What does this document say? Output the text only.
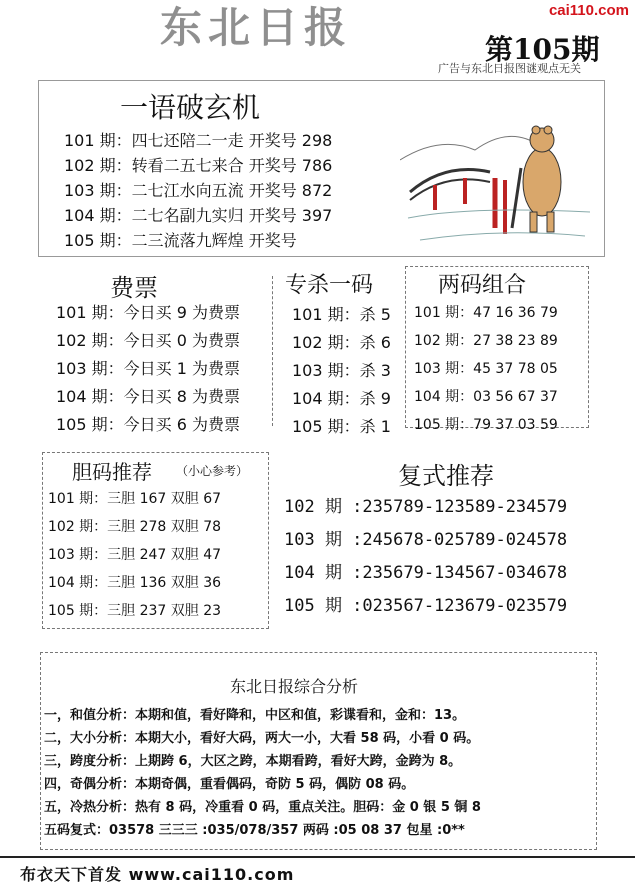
cai110.com
东北日报	第105期
广告与东北日报图谜观点无关
一语破玄机
101 期：四七还陪二一走 开奖号 298
102 期：转看二五七来合 开奖号 786
103 期：二七江水向五流 开奖号 872
104 期：二七名副九实归 开奖号 397
105 期：二三流落九辉煌 开奖号
费票
101 期：今日买 9 为费票
102 期：今日买 0 为费票
103 期：今日买 1 为费票
104 期：今日买 8 为费票
105 期：今日买 6 为费票
专杀一码
101 期：杀 5
102 期：杀 6
103 期：杀 3
104 期：杀 9
105 期：杀 1
两码组合
101 期：47 16 36 79
102 期：27 38 23 89
103 期：45 37 78 05
104 期：03 56 67 37
105 期：79 37 03 59
胆码推荐 （小心参考）
101 期：三胆 167 双胆 67
102 期：三胆 278 双胆 78
103 期：三胆 247 双胆 47
104 期：三胆 136 双胆 36
105 期：三胆 237 双胆 23
复式推荐
102 期 :235789-123589-234579
103 期 :245678-025789-024578
104 期 :235679-134567-034678
105 期 :023567-123679-023579
东北日报综合分析
一，和值分析：本期和值，看好降和，中区和值，彩谍看和，金和：13。
二，大小分析：本期大小，看好大码，两大一小，大看 58 码，小看 0 码。
三，跨度分析：上期跨 6，大区之跨，本期看跨，看好大跨，金跨为 8。
四，奇偶分析：本期奇偶，重看偶码，奇防 5 码，偶防 08 码。
五，冷热分析：热有 8 码，冷重看 0 码，重点关注。胆码：金 0 银 5 铜 8
五码复式：03578 三三三 :035/078/357 两码 :05 08 37 包星 :0**
布衣天下首发 www.cai110.com
